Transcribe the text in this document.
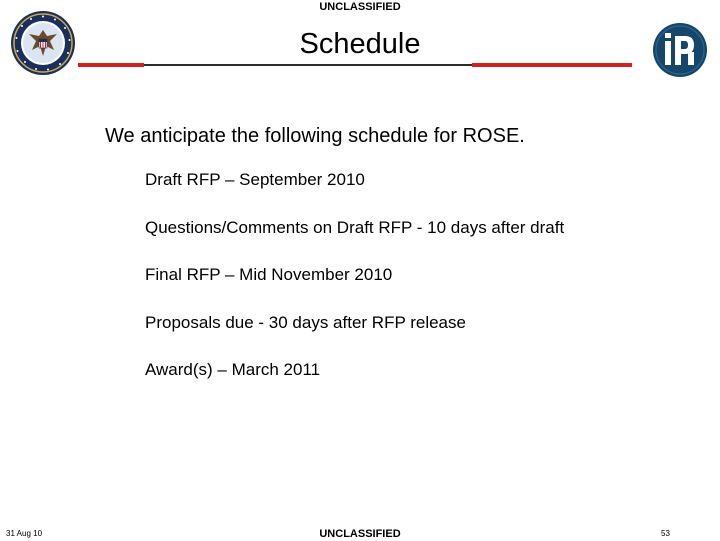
UNCLASSIFIED
Schedule
We anticipate the following schedule for ROSE.
Draft RFP – September 2010
Questions/Comments on Draft RFP - 10 days after draft
Final RFP – Mid November 2010
Proposals due - 30 days after RFP release
Award(s) – March 2011
31 Aug 10	UNCLASSIFIED	53
